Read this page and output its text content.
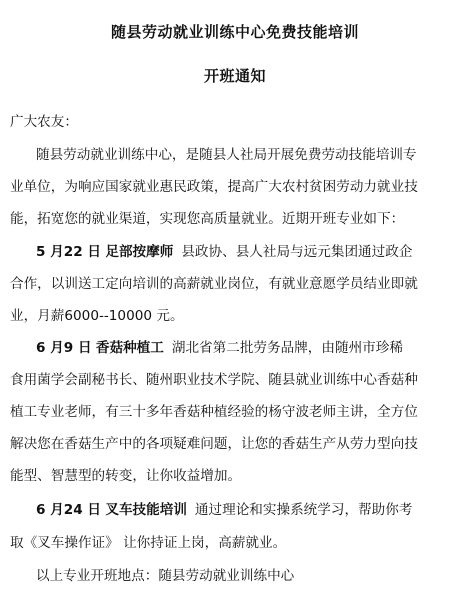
随县劳动就业训练中心免费技能培训
开班通知
广大农友：
随县劳动就业训练中心，是随县人社局开展免费劳动技能培训专
业单位，为响应国家就业惠民政策，提高广大农村贫困劳动力就业技
能，拓宽您的就业渠道，实现您高质量就业。近期开班专业如下：
5 月22 日 足部按摩师 县政协、县人社局与远元集团通过政企
合作，以训送工定向培训的高薪就业岗位，有就业意愿学员结业即就
业，月薪6000--10000 元。
6 月9 日 香菇种植工 湖北省第二批劳务品牌，由随州市珍稀
食用菌学会副秘书长、随州职业技术学院、随县就业训练中心香菇种
植工专业老师，有三十多年香菇种植经验的杨守波老师主讲，全方位
解决您在香菇生产中的各项疑难问题，让您的香菇生产从劳力型向技
能型、智慧型的转变，让你收益增加。
6 月24 日 叉车技能培训 通过理论和实操系统学习，帮助你考
取《叉车操作证》 让你持证上岗，高薪就业。
以上专业开班地点：随县劳动就业训练中心
